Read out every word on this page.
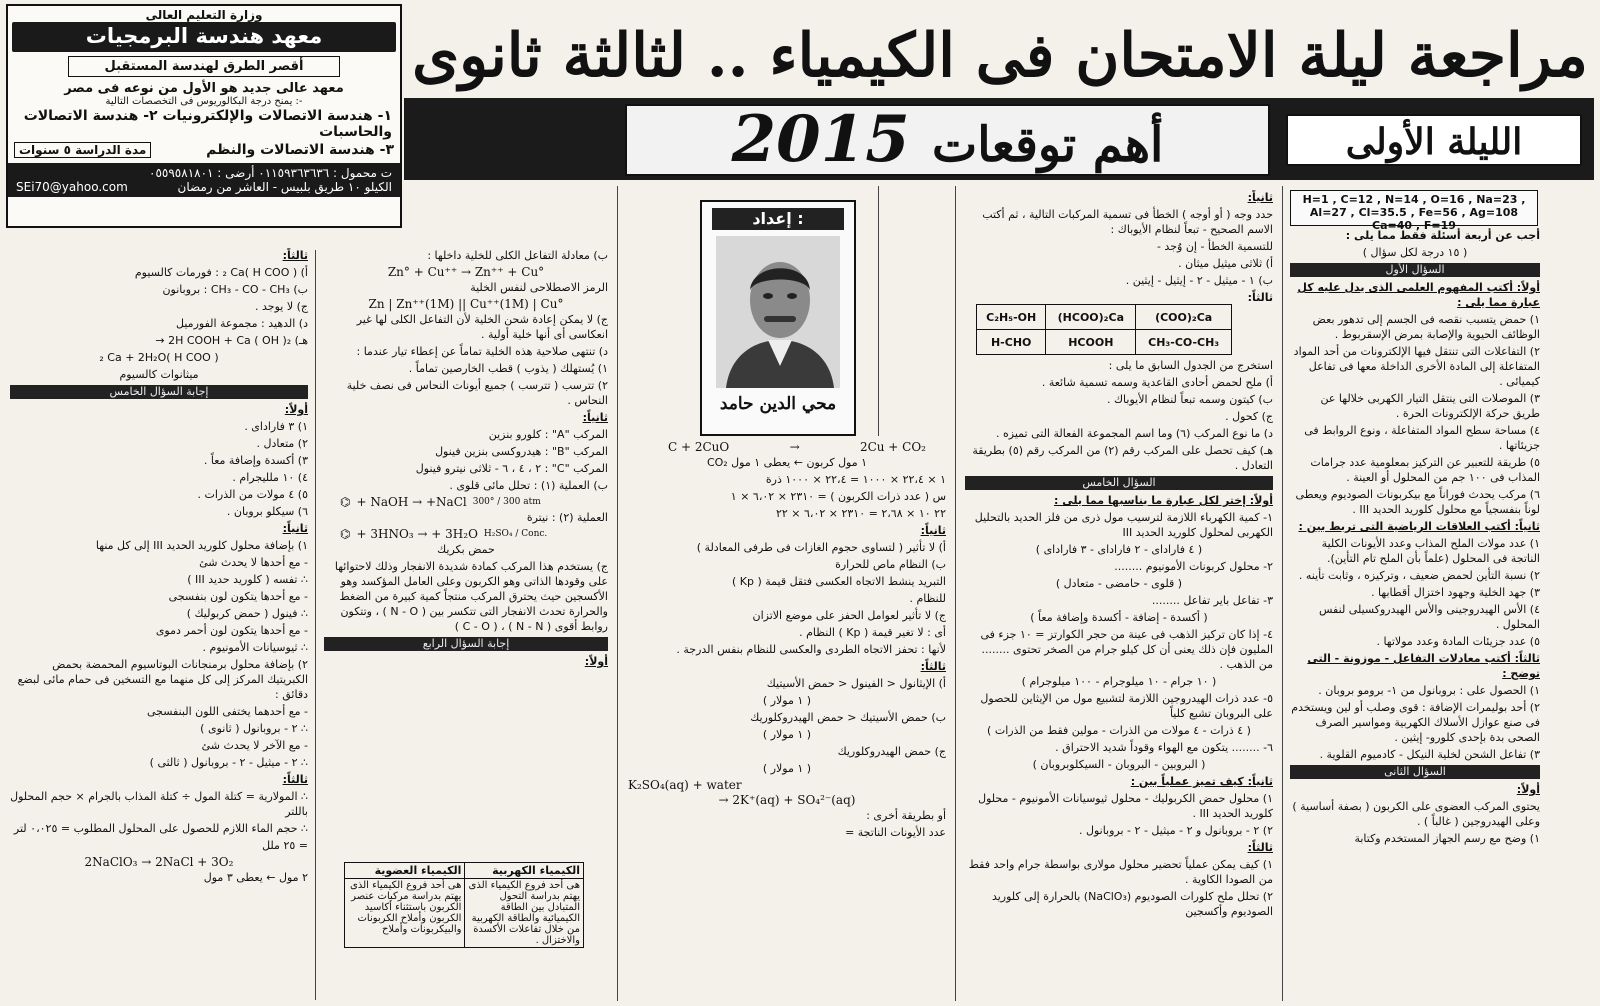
وزارة التعليم العالى
معهد هندسة البرمجيات
أقصر الطرق لهندسة المستقبل
معهد عالى جديد هو الأول من نوعه فى مصر
يمنح درجة البكالوريوس فى التخصصات التالية :-
١- هندسة الاتصالات والإلكترونيات ٢- هندسة الاتصالات والحاسبات
مدة الدراسة ٥ سنوات	٣- هندسة الاتصالات والنظم
ت محمول : ٠١١٥٩٣٦٣٦٣٦ أرضى : ٠٥٥٩٥٨١٨٠١
SEi70@yahoo.com	الكيلو ١٠ طريق بلبيس - العاشر من رمضان
مراجعة ليلة الامتحان فى الكيمياء .. لثالثة ثانوى
الليلة الأولى
أهم توقعات    2015
H=1 , C=12 , N=14 , O=16 , Na=23 ,
Al=27 , Cl=35.5 , Fe=56 , Ag=108
Ca=40 , F=19

أجب عن أربعة أسئلة فقط مما يلى :

( ١٥ درجة لكل سؤال )

السؤال الأول

أولاً: أكتب المفهوم العلمى الذى يدل عليه كل عبارة مما يلى :

١) حمض يتسبب نقصه فى الجسم إلى تدهور بعض الوظائف الحيوية والإصابة بمرض الإسقربوط .

٢) التفاعلات التى تنتقل فيها الإلكترونات من أحد المواد المتفاعلة إلى المادة الأخرى الداخلة معها فى تفاعل كيميائى .

٣) الموصلات التى ينتقل التيار الكهربى خلالها عن طريق حركة الإلكترونات الحرة .

٤) مساحة سطح المواد المتفاعلة ، ونوع الروابط فى جزيئاتها .

٥) طريقة للتعبير عن التركيز بمعلومية عدد جرامات المذاب فى ١٠٠ جم من المحلول أو العينة .

٦) مركب يحدث فوراناً مع بيكربونات الصوديوم ويعطى لوناً بنفسجياً مع محلول كلوريد الحديد III .

ثانياً: أكتب العلاقات الرياضية التى تربط بين :

١) عدد مولات الملح المذاب وعدد الأيونات الكلية الناتجة فى المحلول (علماً بأن الملح تام التأين).

٢) نسبة التأين لحمض ضعيف ، وتركيزه ، وثابت تأينه .

٣) جهد الخلية وجهود اختزال أقطابها .

٤) الأس الهيدروجينى والأس الهيدروكسيلى لنفس المحلول .

٥) عدد جزيئات المادة وعدد مولاتها .

ثالثاً: أكتب معادلات التفاعل - موزونة - التى توضح :

١) الحصول على : بروبانول من ١- برومو بروبان .

٢) أحد بوليمرات الإضافة : قوى وصلب أو لين ويستخدم فى صنع عوازل الأسلاك الكهربية ومواسير الصرف الصحى بدة بإحدى كلورو- إيثين .

٣) تفاعل الشحن لخلية النيكل - كادميوم القلوية .

السؤال الثانى

أولاً:

يحتوى المركب العضوى على الكربون ( بصفة أساسية ) وعلى الهيدروجين ( غالباً ) .

١) وضح مع رسم الجهاز المستخدم وكتابة

ثانياً:

حدد وجه ( أو أوجه ) الخطأ فى تسمية المركبات التالية ، ثم أكتب الاسم الصحيح - تبعاً لنظام الأيوباك :

للتسمية الخطأ - إن وُجد -

أ) ثلاثى ميثيل ميثان .

ب) ١ - ميثيل - ٢ - إيثيل - إيثين .

ثالثاً:

C₂H₅-OH	(HCOO)₂Ca	(COO)₂Ca
H-CHO	HCOOH	CH₃-CO-CH₃

استخرج من الجدول السابق ما يلى :

أ) ملح لحمض أحادى القاعدية وسمه تسمية شائعة .

ب) كيتون وسمه تبعاً لنظام الأيوباك .

ج) كحول .

د) ما نوع المركب (٦) وما اسم المجموعة الفعالة التى تميزه .

هـ) كيف تحصل على المركب رقم (٢) من المركب رقم (٥) بطريقة التعادل .

السؤال الخامس

أولاً: إختر لكل عبارة ما يناسبها مما يلى :

١- كمية الكهرباء اللازمة لترسيب مول ذرى من فلز الحديد بالتحليل الكهربى لمحلول كلوريد الحديد III

( ٤ فاراداى - ٢ فاراداى - ٣ فاراداى )

٢- محلول كربونات الأمونيوم ........

( قلوى - حامضى - متعادل )

٣- تفاعل باير تفاعل ........

( أكسدة - إضافة - أكسدة وإضافة معاً )

٤- إذا كان تركيز الذهب فى عينة من حجر الكوارتز = ١٠ جزء فى المليون فإن ذلك يعنى أن كل كيلو جرام من الصخر تحتوى ........ من الذهب .

( ١٠ جرام - ١٠ ميلوجرام - ١٠٠ ميلوجرام )

٥- عدد ذرات الهيدروجين اللازمة لتشبيع مول من الإيثاين للحصول على البروبان تشبع كلياً

( ٤ ذرات - ٤ مولات من الذرات - مولين فقط من الذرات )

٦- ........ يتكون مع الهواء وقوداً شديد الاحتراق .

( البروبين - البروبان - السيكلوبروبان )

ثانياً: كيف تميز عملياً بين :

١) محلول حمض الكربوليك - محلول ثيوسيانات الأمونيوم - محلول كلوريد الحديد III .

٢) ٢ - بروبانول و ٢ - ميثيل - ٢ - بروبانول .

ثالثاً:

١) كيف يمكن عملياً تحضير محلول مولارى بواسطة جرام واحد فقط من الصودا الكاوية .

٢) تحلل ملح كلورات الصوديوم (NaClO₃) بالحرارة إلى كلوريد الصوديوم وأكسجين

إعداد :
محي الدين حامد
C + 2CuO	→	2Cu + CO₂

١ مول كربون ← يعطى ١ مول CO₂

١ × ٢٢،٤ × ١٠٠٠ = ٢٢،٤ × ١٠٠٠ ذرة

س ( عدد ذرات الكربون ) = ٢٣١٠ × ٦،٠٢ × ١

٢٢ ١٠ × ٢،٦٨ = ٢٣١٠ × ٦،٠٢ × ٢٢

ثانياً:

أ) لا تأثير ( لتساوى حجوم الغازات فى طرفى المعادلة )

ب) النظام ماص للحرارة

التبريد ينشط الاتجاه العكسى فتقل قيمة ( Kp )

للنظام .

ج) لا تأثير لعوامل الحفز على موضع الاتزان

أى : لا تغير قيمة ( Kp ) النظام .

لأنها : تحفز الاتجاه الطردى والعكسى للنظام بنفس الدرجة .

ثالثاً:

أ) الإيثانول < الفينول < حمض الأسيتيك

( ١ مولار )

ب) حمض الأسيتيك < حمض الهيدروكلوريك

( ١ مولار )

ج) حمض الهيدروكلوريك

( ١ مولار )

K₂SO₄(aq) + water
→ 2K⁺(aq) + SO₄²⁻(aq)

أو بطريقة أخرى :

عدد الأيونات الناتجة =

ب) معادلة التفاعل الكلى للخلية داخلها :

Zn° + Cu⁺⁺ → Zn⁺⁺ + Cu°

الرمز الاصطلاحى لنفس الخلية

Zn | Zn⁺⁺(1M) || Cu⁺⁺(1M) | Cu°

ج) لا يمكن إعادة شحن الخلية لأن التفاعل الكلى لها غير انعكاسى أى أنها خلية أولية .

د) تنتهى صلاحية هذه الخلية تماماً عن إعطاء تيار عندما :

١) يُستهلك ( يذوب ) قطب الخارصين تماماً .

٢) تترسب ( تترسب ) جميع أيونات النحاس فى نصف خلية النحاس .

ثانياً:

المركب "A" : كلورو بنزين

المركب "B" : هيدروكسى بنزين فينول

المركب "C" : ٢ ، ٤ ، ٦ - ثلاثى نيترو فينول

ب) العملية (١) : تحلل مائى قلوى .

⌬ + NaOH → +NaCl 300° / 300 atm

العملية (٢) : نيترة

⌬ + 3HNO₃ → + 3H₂O H₂SO₄ / Conc.

حمض بكريك

ج) يستخدم هذا المركب كمادة شديدة الانفجار وذلك لاحتوائها على وقودها الذاتى وهو الكربون وعلى العامل المؤكسد وهو الأكسجين حيث يحترق المركب منتجاً كمية كبيرة من الضغط والحرارة تحدث الانفجار التى تتكسر بين ( N - O ) ، وتتكون روابط أقوى ( N - N ) ، ( C - O )

إجابة السؤال الرابع

أولاً:

الكيمياء الكهربية	الكيمياء العضوية
هى أحد فروع الكيمياء الذى يهتم بدراسة التحول المتبادل بين الطاقة الكيميائية والطاقة الكهربية من خلال تفاعلات الأكسدة والاختزال .	هى أحد فروع الكيمياء الذى يهتم بدراسة مركبات عنصر الكربون باستثناء أكاسيد الكربون وأملاح الكربونات والبيكربونات وأملاح

ثالثاً:

أ) ( H COO )₂ Ca : فورمات كالسيوم

ب) CH₃ - CO - CH₃ : بروبانون

ج) لا يوجد .

د) الدهيد : مجموعة الفورميل

هـ) 2H COOH + Ca ( OH )₂ →

( H COO )₂ Ca + 2H₂O

ميثانوات كالسيوم

إجابة السؤال الخامس

أولاً:

١) ٣ فاراداى .

٢) متعادل .

٣) أكسدة وإضافة معاً .

٤) ١٠ ملليجرام .

٥) ٤ مولات من الذرات .

٦) سيكلو بروبان .

ثانياً:

١) بإضافة محلول كلوريد الحديد III إلى كل منها

- مع أحدها لا يحدث شئ

∴ تفسه ( كلوريد حديد III )

- مع أحدها يتكون لون بنفسجى

∴ فينول ( حمض كربوليك )

- مع أحدها يتكون لون أحمر دموى

∴ ثيوسيانات الأمونيوم .

٢) بإضافة محلول برمنجانات البوتاسيوم المحمضة بحمض الكبريتيك المركز إلى كل منهما مع التسخين فى حمام مائى لبضع دقائق :

- مع أحدهما يختفى اللون البنفسجى

∴ ٢ - بروبانول ( ثانوى )

- مع الآخر لا يحدث شئ

∴ ٢ - ميثيل - ٢ - بروبانول ( ثالثى )

ثالثاً:

∴ المولارية = كتلة المول ÷ كتلة المذاب بالجرام × حجم المحلول باللتر

∴ حجم الماء اللازم للحصول على المحلول المطلوب = ٠،٠٢٥ لتر

= ٢٥ ملل

2NaClO₃ → 2NaCl + 3O₂

٢ مول ← يعطى ٣ مول
